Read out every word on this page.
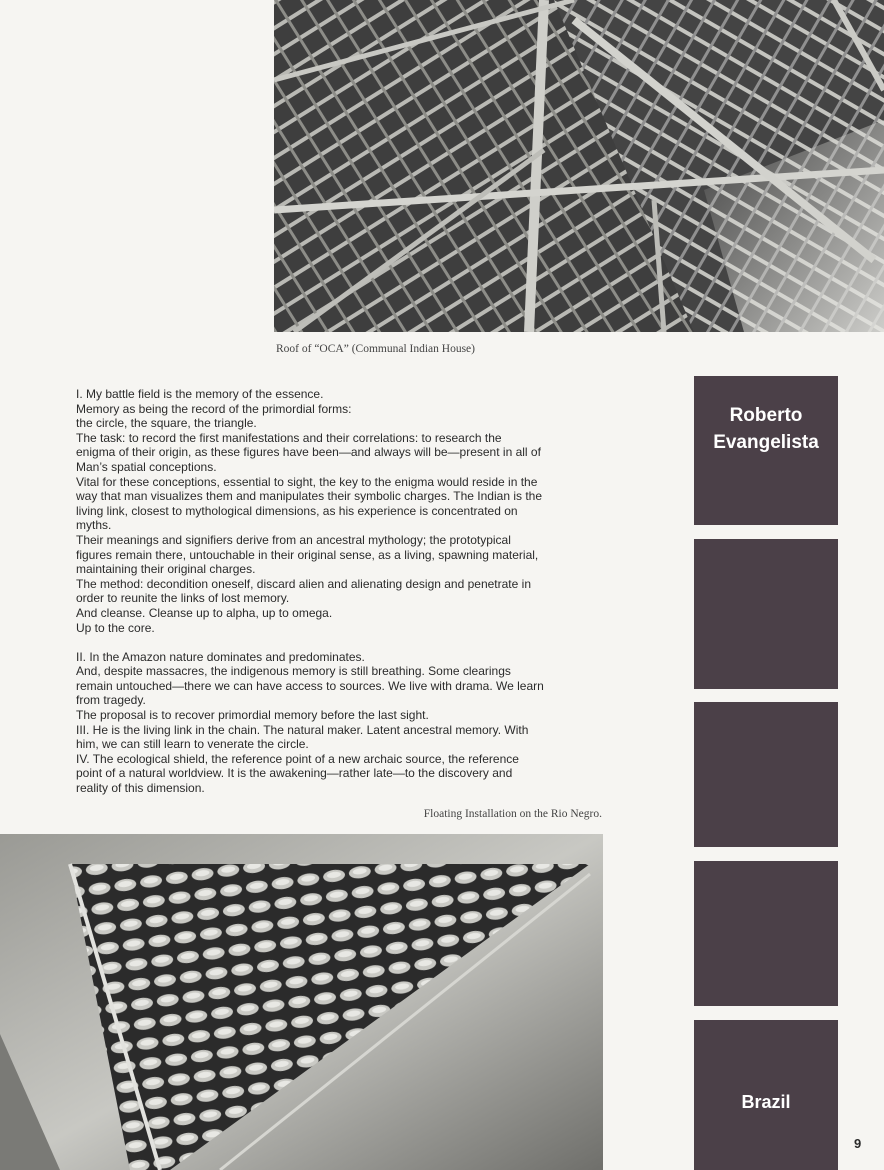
Roof of “OCA” (Communal Indian House)

I. My battle field is the memory of the essence.

Memory as being the record of the primordial forms:

the circle, the square, the triangle.

The task: to record the first manifestations and their correlations: to research the

enigma of their origin, as these figures have been—and always will be—present in all of

Man’s spatial conceptions.

Vital for these conceptions, essential to sight, the key to the enigma would reside in the

way that man visualizes them and manipulates their symbolic charges. The Indian is the

living link, closest to mythological dimensions, as his experience is concentrated on

myths.

Their meanings and signifiers derive from an ancestral mythology; the prototypical

figures remain there, untouchable in their original sense, as a living, spawning material,

maintaining their original charges.

The method: decondition oneself, discard alien and alienating design and penetrate in

order to reunite the links of lost memory.

And cleanse. Cleanse up to alpha, up to omega.

Up to the core.

II. In the Amazon nature dominates and predominates.

And, despite massacres, the indigenous memory is still breathing. Some clearings

remain untouched—there we can have access to sources. We live with drama. We learn

from tragedy.

The proposal is to recover primordial memory before the last sight.

III. He is the living link in the chain. The natural maker. Latent ancestral memory. With

him, we can still learn to venerate the circle.

IV. The ecological shield, the reference point of a new archaic source, the reference

point of a natural worldview. It is the awakening—rather late—to the discovery and

reality of this dimension.

Floating Installation on the Rio Negro.
Roberto
Evangelista
Brazil
9
